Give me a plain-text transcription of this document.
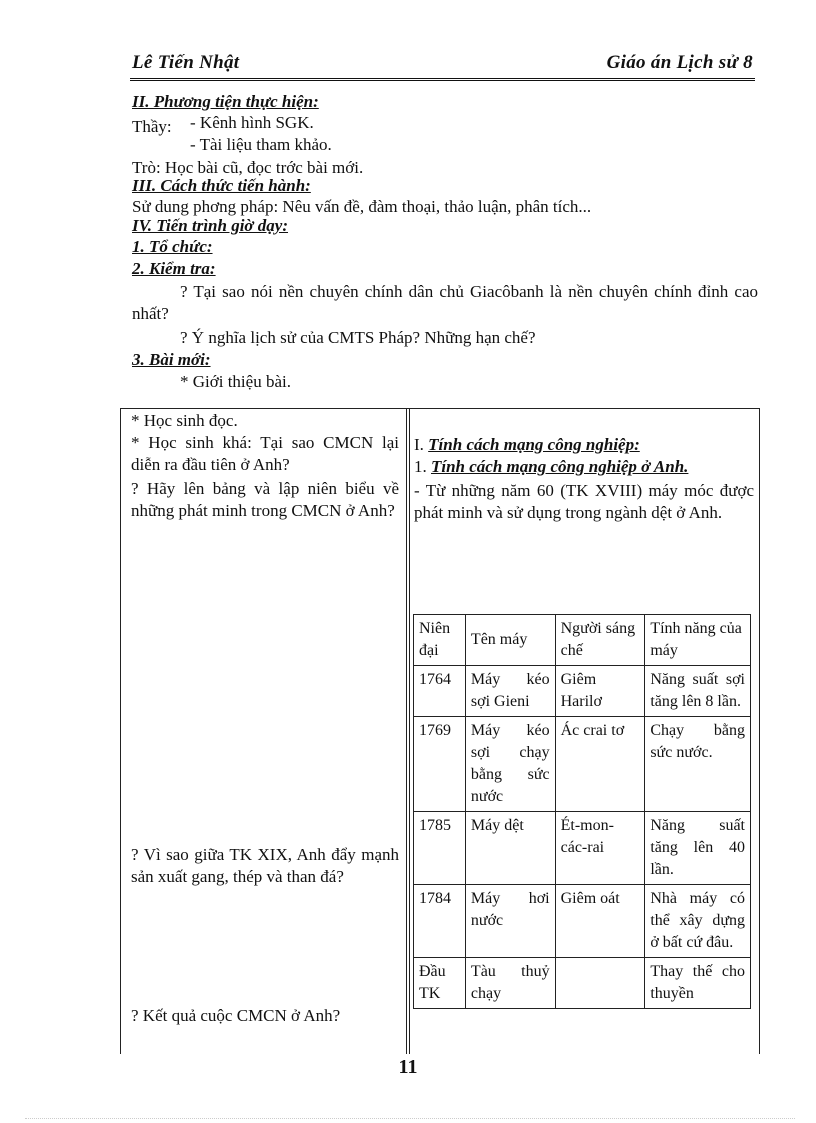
Lê Tiến Nhật	Giáo án Lịch sử 8
II. Phương tiện thực hiện:
Thầy: - Kênh hình SGK.
- Tài liệu tham khảo.
Trò: Học bài cũ, đọc trớc bài mới.
III. Cách thức tiến hành:
Sử dung phơng pháp: Nêu vấn đề, đàm thoại, thảo luận, phân tích...
IV. Tiến trình giờ dạy:
1. Tổ chức:
2. Kiểm tra:
? Tại sao nói nền chuyên chính dân chủ Giacôbanh là nền chuyên chính đỉnh cao nhất?
? Ý nghĩa lịch sử của CMTS Pháp? Những hạn chế?
3. Bài mới:
* Giới thiệu bài.
* Học sinh đọc.
* Học sinh khá: Tại sao CMCN lại diễn ra đầu tiên ở Anh?
? Hãy lên bảng và lập niên biểu về những phát minh trong CMCN ở Anh?
? Vì sao giữa TK XIX, Anh đẩy mạnh sản xuất gang, thép và than đá?
? Kết quả cuộc CMCN ở Anh?
I. Tính cách mạng công nghiệp:
1. Tính cách mạng công nghiệp ở Anh.
- Từ những năm 60 (TK XVIII) máy móc được phát minh và sử dụng trong ngành dệt ở Anh.
Niên đại	Tên máy	Người sáng chế	Tính năng của máy
1764	Máy kéo sợi Gieni	Giêm Harilơ	Năng suất sợi tăng lên 8 lần.
1769	Máy kéo sợi chạy bằng sức nước	Ác crai tơ	Chạy bằng sức nước.
1785	Máy dệt	Ét-mon-các-rai	Năng suất tăng lên 40 lần.
1784	Máy hơi nước	Giêm oát	Nhà máy có thể xây dựng ở bất cứ đâu.
Đầu TK	Tàu thuỷ chạy		Thay thế cho thuyền
11
